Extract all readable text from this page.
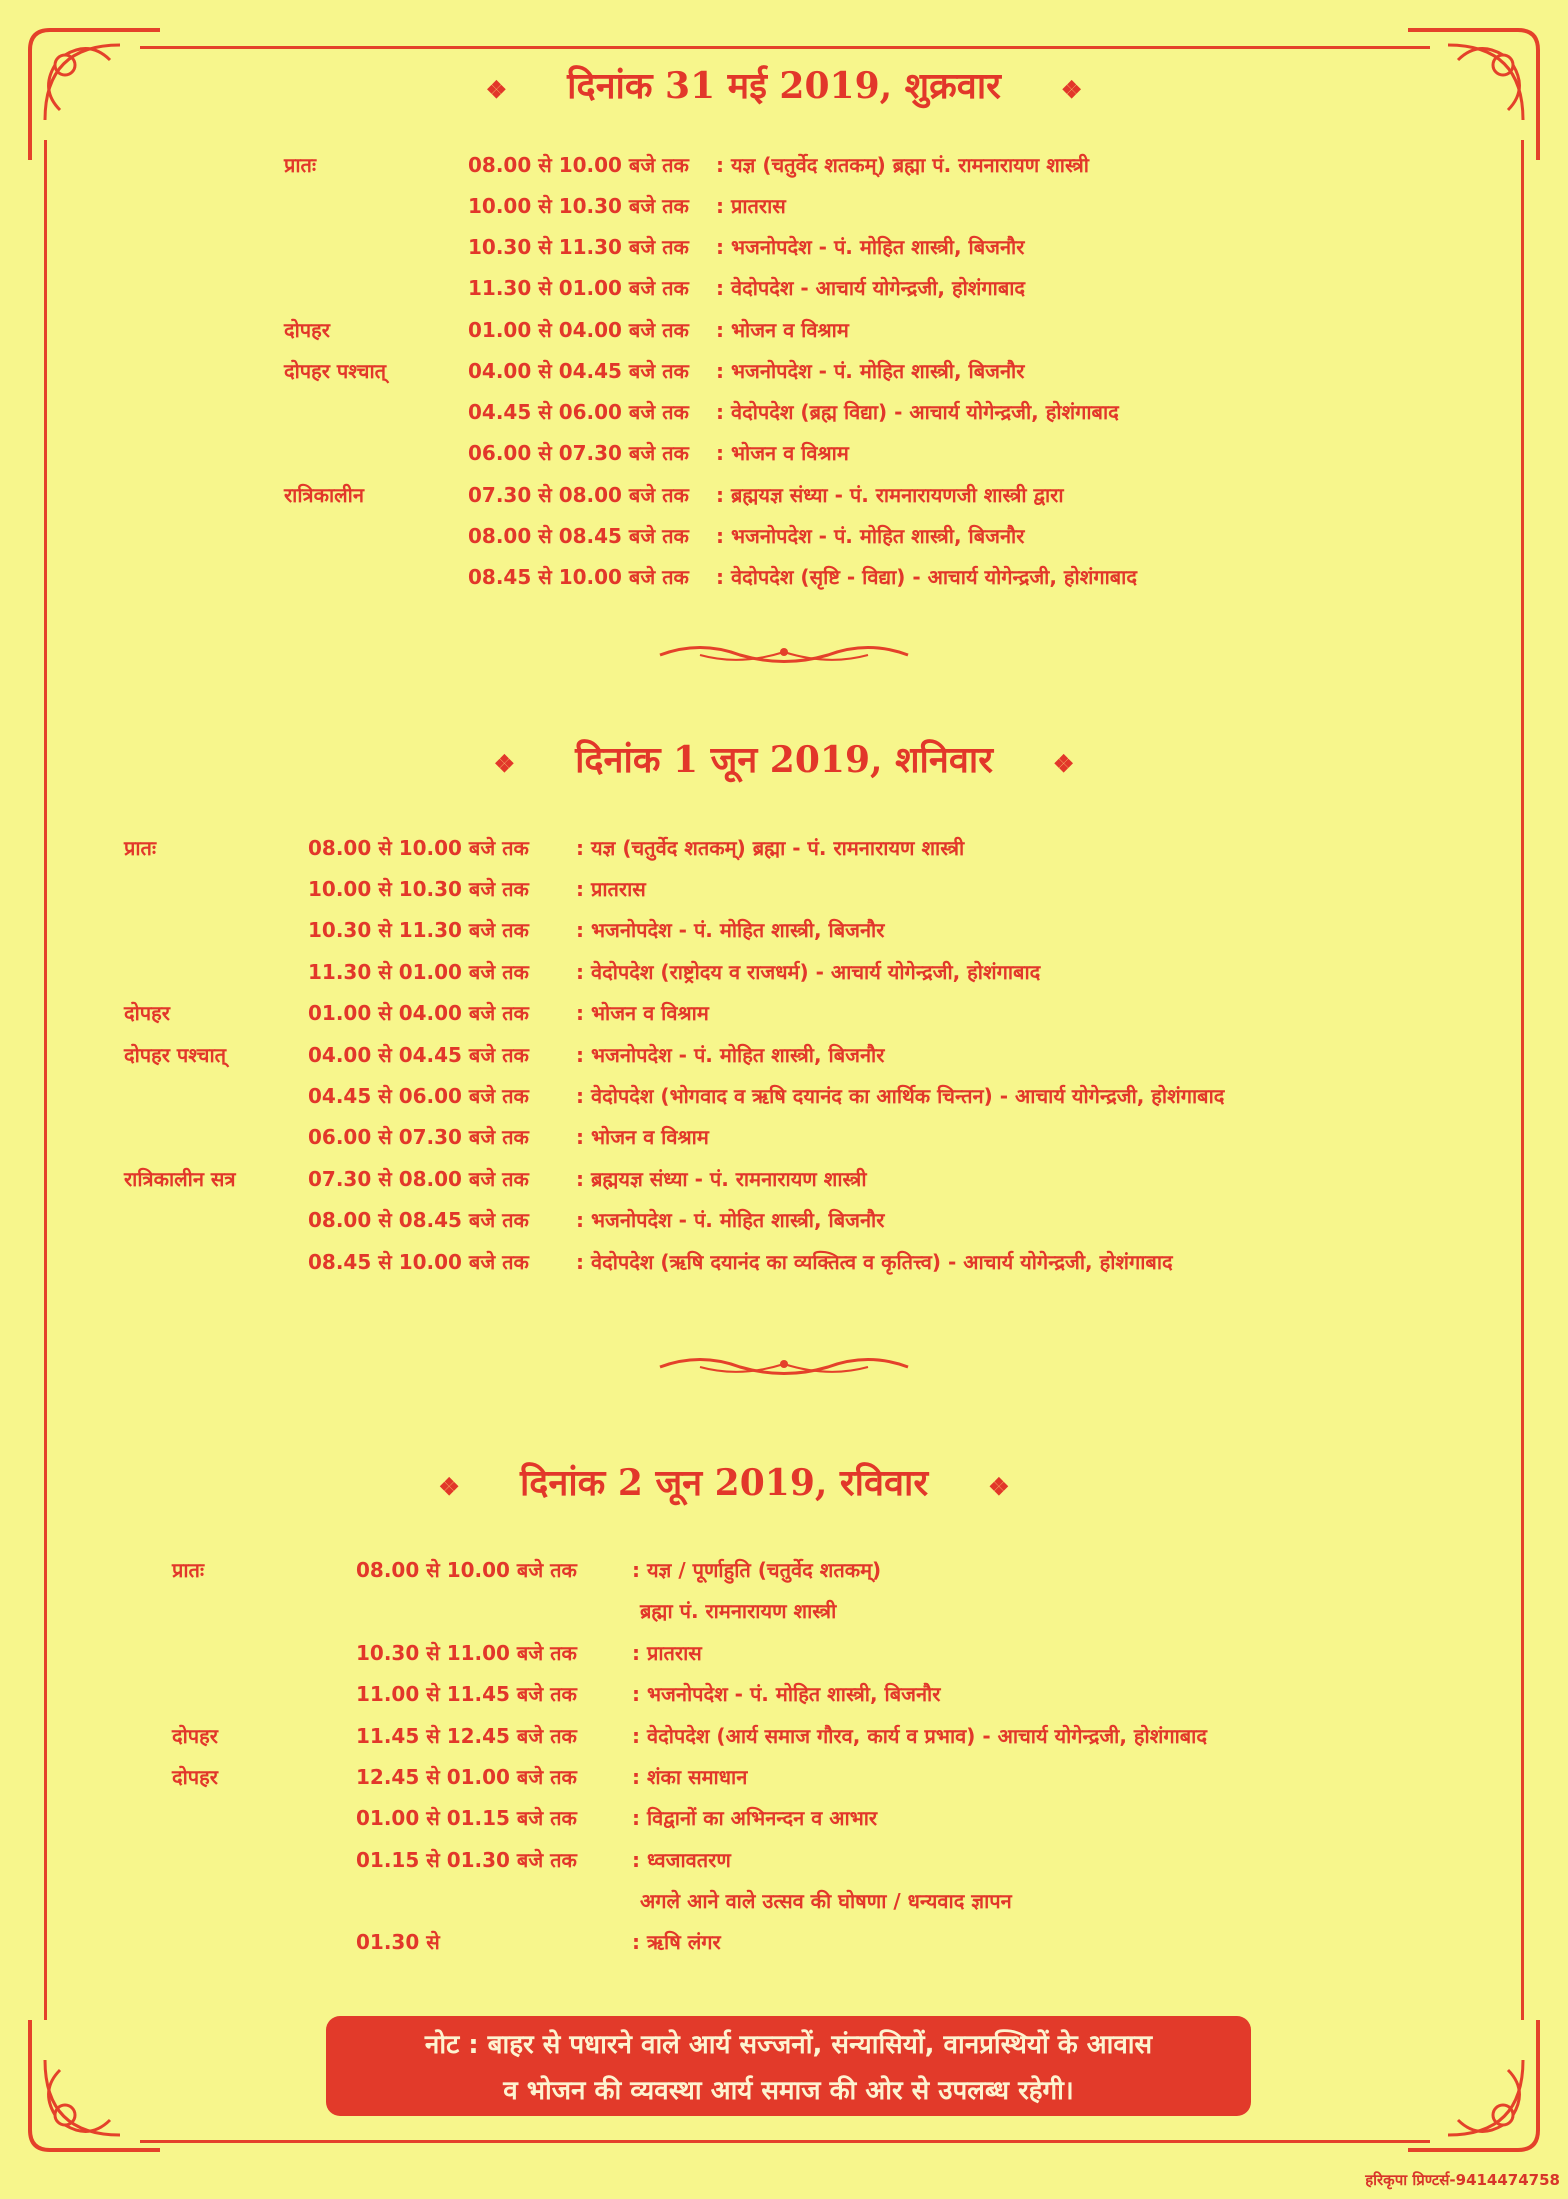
❖ दिनांक 31 मई 2019, शुक्रवार	❖
प्रातः	08.00 से 10.00 बजे तक : यज्ञ (चतुर्वेद शतकम्) ब्रह्मा पं. रामनारायण शास्त्री
10.00 से 10.30 बजे तक : प्रातरास
10.30 से 11.30 बजे तक : भजनोपदेश - पं. मोहित शास्त्री, बिजनौर
11.30 से 01.00 बजे तक : वेदोपदेश - आचार्य योगेन्द्रजी, होशंगाबाद
दोपहर	01.00 से 04.00 बजे तक : भोजन व विश्राम
दोपहर पश्चात्	04.00 से 04.45 बजे तक : भजनोपदेश - पं. मोहित शास्त्री, बिजनौर
04.45 से 06.00 बजे तक : वेदोपदेश (ब्रह्म विद्या) - आचार्य योगेन्द्रजी, होशंगाबाद
06.00 से 07.30 बजे तक : भोजन व विश्राम
रात्रिकालीन	07.30 से 08.00 बजे तक : ब्रह्मयज्ञ संध्या - पं. रामनारायणजी शास्त्री द्वारा
08.00 से 08.45 बजे तक : भजनोपदेश - पं. मोहित शास्त्री, बिजनौर
08.45 से 10.00 बजे तक : वेदोपदेश (सृष्टि - विद्या) - आचार्य योगेन्द्रजी, होशंगाबाद
❖ दिनांक 1 जून 2019, शनिवार	❖
प्रातः	08.00 से 10.00 बजे तक : यज्ञ (चतुर्वेद शतकम्) ब्रह्मा - पं. रामनारायण शास्त्री
10.00 से 10.30 बजे तक : प्रातरास
10.30 से 11.30 बजे तक : भजनोपदेश - पं. मोहित शास्त्री, बिजनौर
11.30 से 01.00 बजे तक : वेदोपदेश (राष्ट्रोदय व राजधर्म) - आचार्य योगेन्द्रजी, होशंगाबाद
दोपहर	01.00 से 04.00 बजे तक : भोजन व विश्राम
दोपहर पश्चात्	04.00 से 04.45 बजे तक : भजनोपदेश - पं. मोहित शास्त्री, बिजनौर
04.45 से 06.00 बजे तक : वेदोपदेश (भोगवाद व ऋषि दयानंद का आर्थिक चिन्तन) - आचार्य योगेन्द्रजी, होशंगाबाद
06.00 से 07.30 बजे तक : भोजन व विश्राम
रात्रिकालीन सत्र	07.30 से 08.00 बजे तक : ब्रह्मयज्ञ संध्या - पं. रामनारायण शास्त्री
08.00 से 08.45 बजे तक : भजनोपदेश - पं. मोहित शास्त्री, बिजनौर
08.45 से 10.00 बजे तक : वेदोपदेश (ऋषि दयानंद का व्यक्तित्व व कृतित्त्व) - आचार्य योगेन्द्रजी, होशंगाबाद
❖ दिनांक 2 जून 2019, रविवार	❖
प्रातः	08.00 से 10.00 बजे तक	: यज्ञ / पूर्णाहुति (चतुर्वेद शतकम्)
ब्रह्मा पं. रामनारायण शास्त्री
10.30 से 11.00 बजे तक	: प्रातरास
11.00 से 11.45 बजे तक	: भजनोपदेश - पं. मोहित शास्त्री, बिजनौर
दोपहर	11.45 से 12.45 बजे तक	: वेदोपदेश (आर्य समाज गौरव, कार्य व प्रभाव) - आचार्य योगेन्द्रजी, होशंगाबाद
दोपहर	12.45 से 01.00 बजे तक	: शंका समाधान
01.00 से 01.15 बजे तक	: विद्वानों का अभिनन्दन व आभार
01.15 से 01.30 बजे तक	: ध्वजावतरण
अगले आने वाले उत्सव की घोषणा / धन्यवाद ज्ञापन
01.30 से	: ऋषि लंगर
नोट : बाहर से पधारने वाले आर्य सज्जनों, संन्यासियों, वानप्रस्थियों के आवास
व भोजन की व्यवस्था आर्य समाज की ओर से उपलब्ध रहेगी।
हरिकृपा प्रिण्टर्स-9414474758
